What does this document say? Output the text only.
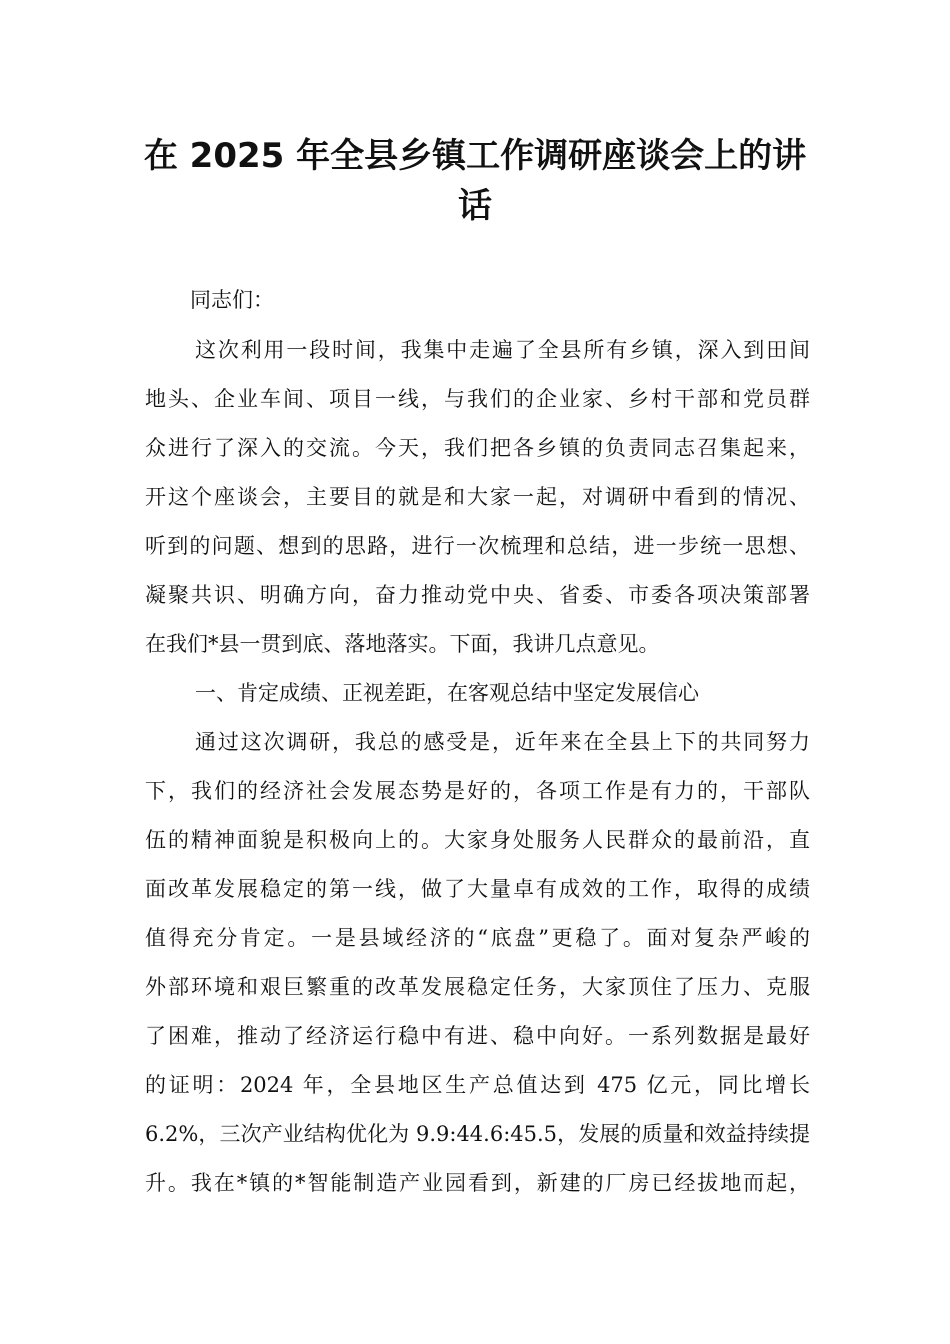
在 2025 年全县乡镇工作调研座谈会上的讲
话

同志们：

这次利用一段时间，我集中走遍了全县所有乡镇，深入到田间

地头、企业车间、项目一线，与我们的企业家、乡村干部和党员群

众进行了深入的交流。今天，我们把各乡镇的负责同志召集起来，

开这个座谈会，主要目的就是和大家一起，对调研中看到的情况、

听到的问题、想到的思路，进行一次梳理和总结，进一步统一思想、

凝聚共识、明确方向，奋力推动党中央、省委、市委各项决策部署

在我们*县一贯到底、落地落实。下面，我讲几点意见。

一、肯定成绩、正视差距，在客观总结中坚定发展信心

通过这次调研，我总的感受是，近年来在全县上下的共同努力

下，我们的经济社会发展态势是好的，各项工作是有力的，干部队

伍的精神面貌是积极向上的。大家身处服务人民群众的最前沿，直

面改革发展稳定的第一线，做了大量卓有成效的工作，取得的成绩

值得充分肯定。一是县域经济的“底盘”更稳了。面对复杂严峻的

外部环境和艰巨繁重的改革发展稳定任务，大家顶住了压力、克服

了困难，推动了经济运行稳中有进、稳中向好。一系列数据是最好

的证明：2024 年，全县地区生产总值达到 475 亿元，同比增长

6.2%，三次产业结构优化为 9.9:44.6:45.5，发展的质量和效益持续提

升。我在*镇的*智能制造产业园看到，新建的厂房已经拔地而起，
